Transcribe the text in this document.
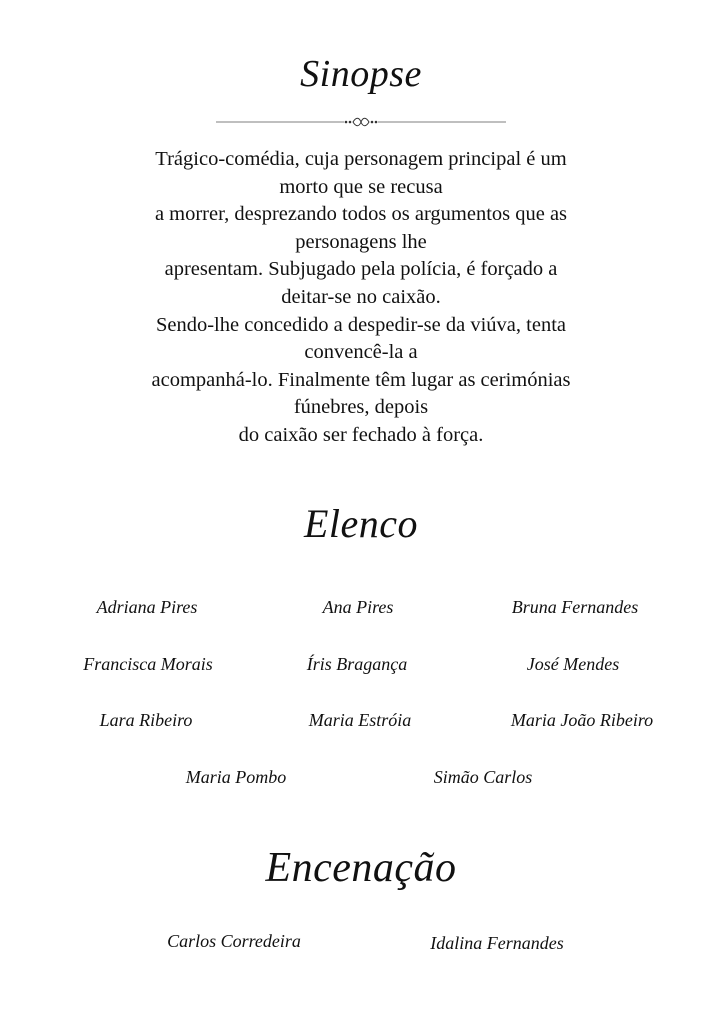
Sinopse
Trágico-comédia, cuja personagem principal é um
morto que se recusa
a morrer, desprezando todos os argumentos que as
personagens lhe
apresentam. Subjugado pela polícia, é forçado a
deitar-se no caixão.
Sendo-lhe concedido a despedir-se da viúva, tenta
convencê-la a
acompanhá-lo. Finalmente têm lugar as cerimónias
fúnebres, depois
do caixão ser fechado à força.
Elenco
Adriana Pires	Ana Pires	Bruna Fernandes
Francisca Morais	Íris Bragança	José Mendes
Lara Ribeiro	Maria Estróia	Maria João Ribeiro
Maria Pombo	Simão Carlos
Encenação
Carlos Corredeira	Idalina Fernandes
